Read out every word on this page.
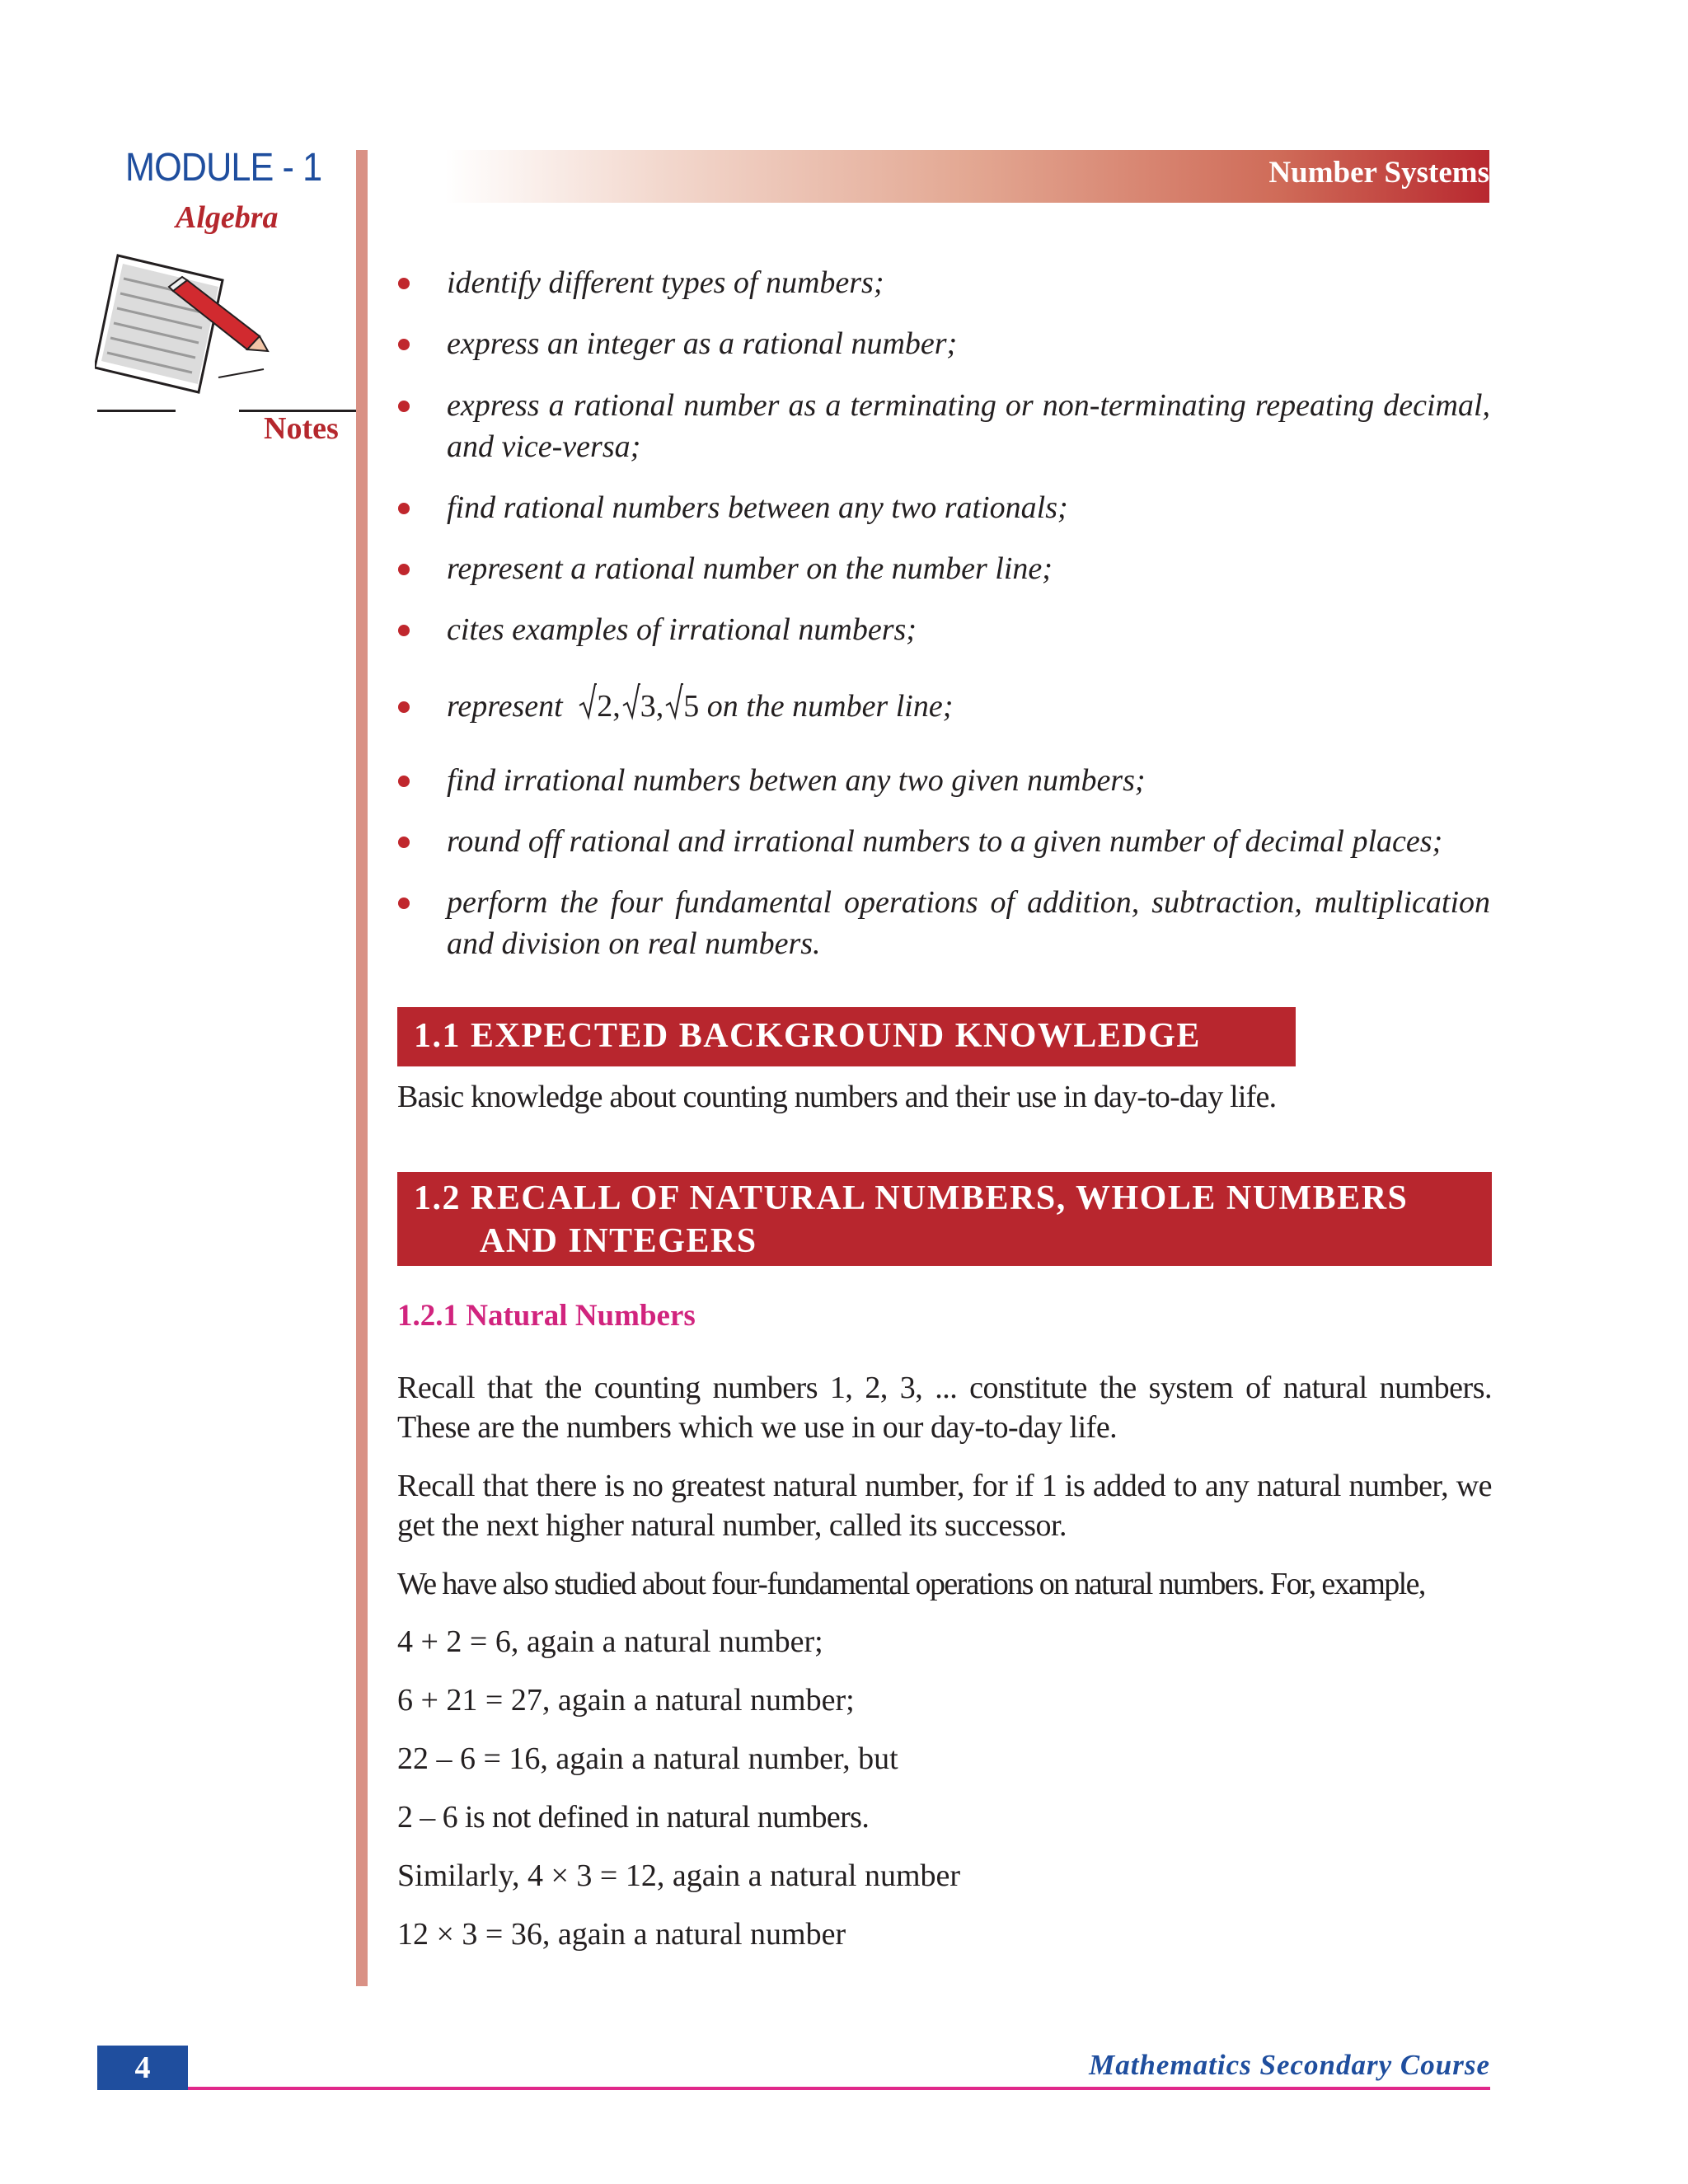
MODULE - 1
Algebra
Notes
Number Systems
identify different types of numbers;
express an integer as a rational number;
express a rational number as a terminating or non-terminating repeating decimal, and vice-versa;
find rational numbers between any two rationals;
represent a rational number on the number line;
cites examples of irrational numbers;
represent 2, 3, 5 on the number line;
find irrational numbers betwen any two given numbers;
round off rational and irrational numbers to a given number of decimal places;
perform the four fundamental operations of addition, subtraction, multiplication and division on real numbers.
1.1 EXPECTED BACKGROUND KNOWLEDGE
Basic knowledge about counting numbers and their use in day-to-day life.
1.2 RECALL OF NATURAL NUMBERS, WHOLE NUMBERS
AND INTEGERS
1.2.1 Natural Numbers
Recall that the counting numbers 1, 2, 3, ... constitute the system of natural numbers. These are the numbers which we use in our day-to-day life.
Recall that there is no greatest natural number, for if 1 is added to any natural number, we get the next higher natural number, called its successor.
We have also studied about four-fundamental operations on natural numbers. For, example,
4 + 2 = 6, again a natural number;
6 + 21 = 27, again a natural number;
22 – 6 = 16, again a natural number, but
2 – 6 is not defined in natural numbers.
Similarly, 4 × 3 = 12, again a natural number
12 × 3 = 36, again a natural number
4	Mathematics Secondary Course
